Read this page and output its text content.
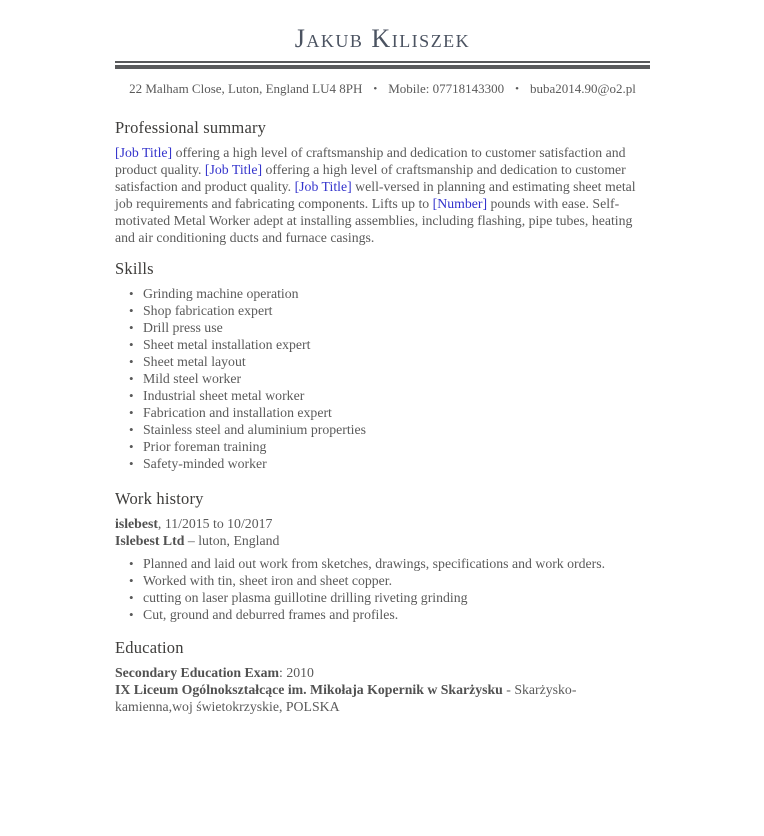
Jakub Kiliszek
22 Malham Close, Luton, England LU4 8PH • Mobile: 07718143300 • buba2014.90@o2.pl
Professional summary

[Job Title] offering a high level of craftsmanship and dedication to customer satisfaction and product quality. [Job Title] offering a high level of craftsmanship and dedication to customer satisfaction and product quality. [Job Title] well-versed in planning and estimating sheet metal job requirements and fabricating components. Lifts up to [Number] pounds with ease. Self-motivated Metal Worker adept at installing assemblies, including flashing, pipe tubes, heating and air conditioning ducts and furnace casings.

Skills
• Grinding machine operation
• Shop fabrication expert
• Drill press use
• Sheet metal installation expert
• Sheet metal layout
• Mild steel worker
• Industrial sheet metal worker
• Fabrication and installation expert
• Stainless steel and aluminium properties
• Prior foreman training
• Safety-minded worker
Work history

islebest, 11/2015 to 10/2017

Islebest Ltd – luton, England

• Planned and laid out work from sketches, drawings, specifications and work orders.
• Worked with tin, sheet iron and sheet copper.
• cutting on laser plasma guillotine drilling riveting grinding
• Cut, ground and deburred frames and profiles.
Education

Secondary Education Exam: 2010

IX Liceum Ogólnokształcące im. Mikołaja Kopernik w Skarżysku - Skarżysko-kamienna,woj świetokrzyskie, POLSKA
